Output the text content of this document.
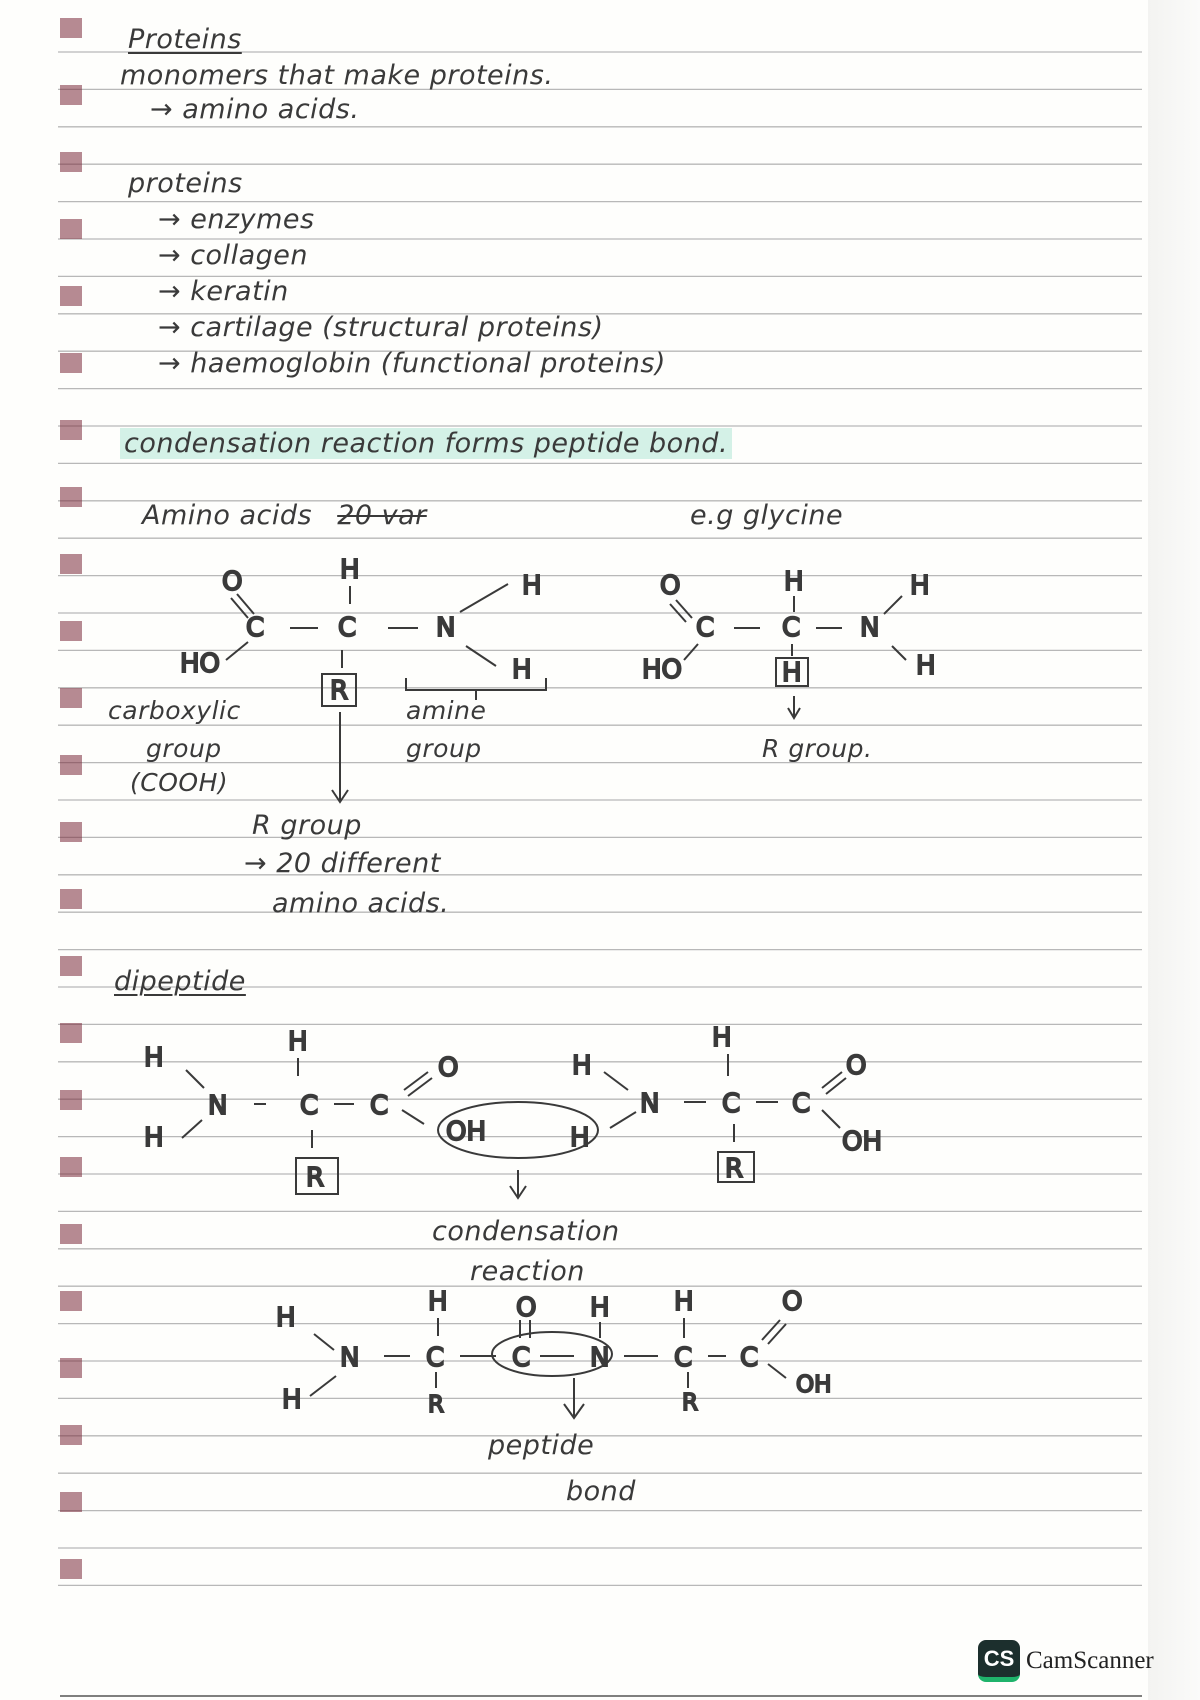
Proteins

monomers that make proteins.

→ amino acids.

proteins

→ enzymes

→ collagen

→ keratin

→ cartilage (structural proteins)

→ haemoglobin (functional proteins)

condensation reaction forms peptide bond.

Amino acids 20 var	e.g glycine

O	H
H
C	C	N
HO	H
R

carboxylic

group

(COOH)

amine

group

R group

→ 20 different

amino acids.

O	H	H
C	C N
HO	H
H

R group.

dipeptide

H
H
N	C C
O
H
R
OH	H
H
H
N C C
O
OH
R

condensation

reaction

H
H	O H H	O
N	C	C N C C
H	R	R
OH

peptide

bond

CS CamScanner
